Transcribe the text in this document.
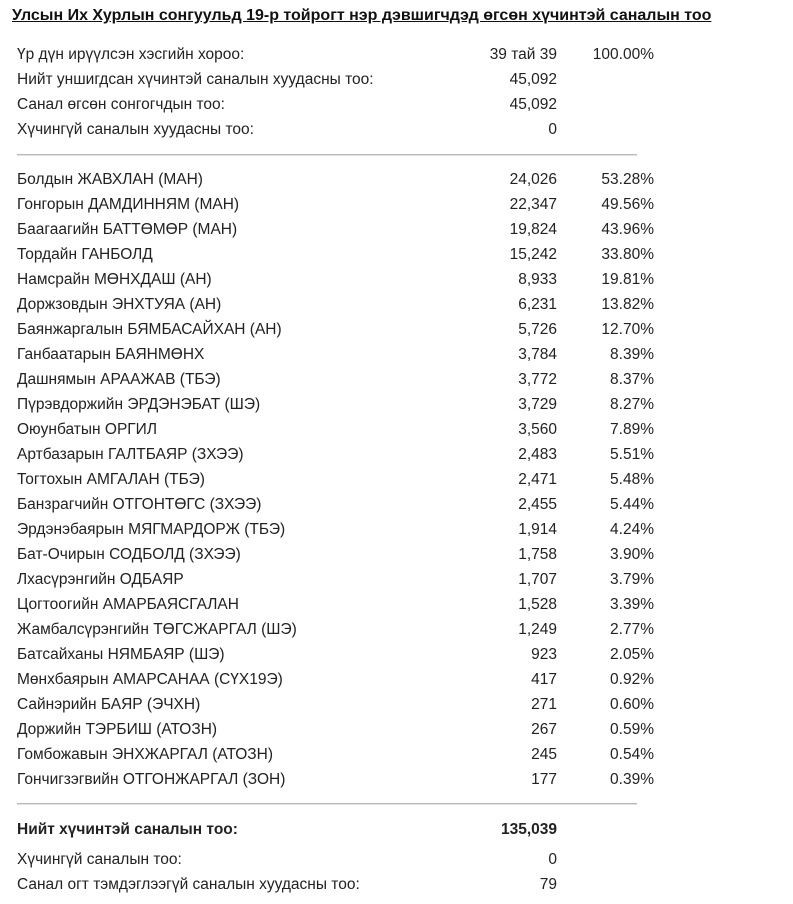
Улсын Их Хурлын сонгуульд 19-р тойрогт нэр дэвшигчдэд өгсөн хүчинтэй саналын тоо
Үр дүн ирүүлсэн хэсгийн хороо:	39 тай 39 100.00%
Нийт уншигдсан хүчинтэй саналын хуудасны тоо:	45,092
Санал өгсөн сонгогчдын тоо:	45,092
Хүчингүй саналын хуудасны тоо:	0
Болдын ЖАВХЛАН (МАН)	24,026	53.28%
Гонгорын ДАМДИННЯМ (МАН)	22,347	49.56%
Баагаагийн БАТТӨМӨР (МАН)	19,824	43.96%
Тордайн ГАНБОЛД	15,242	33.80%
Намсрайн МӨНХДАШ (АН)	8,933	19.81%
Доржзовдын ЭНХТУЯА (АН)	6,231	13.82%
Баянжаргалын БЯМБАСАЙХАН (АН)	5,726	12.70%
Ганбаатарын БАЯНМӨНХ	3,784	8.39%
Дашнямын АРААЖАВ (ТБЭ)	3,772	8.37%
Пүрэвдоржийн ЭРДЭНЭБАТ (ШЭ)	3,729	8.27%
Оюунбатын ОРГИЛ	3,560	7.89%
Артбазарын ГАЛТБАЯР (ЗХЭЭ)	2,483	5.51%
Тогтохын АМГАЛАН (ТБЭ)	2,471	5.48%
Банзрагчийн ОТГОНТӨГС (ЗХЭЭ)	2,455	5.44%
Эрдэнэбаярын МЯГМАРДОРЖ (ТБЭ)	1,914	4.24%
Бат-Очирын СОДБОЛД (ЗХЭЭ)	1,758	3.90%
Лхасүрэнгийн ОДБАЯР	1,707	3.79%
Цогтоогийн АМАРБАЯСГАЛАН	1,528	3.39%
Жамбалсүрэнгийн ТӨГСЖАРГАЛ (ШЭ)	1,249	2.77%
Батсайханы НЯМБАЯР (ШЭ)	923	2.05%
Мөнхбаярын АМАРСАНАА (СҮХ19Э)	417	0.92%
Сайнэрийн БАЯР (ЭЧХН)	271	0.60%
Доржийн ТЭРБИШ (АТОЗН)	267	0.59%
Гомбожавын ЭНХЖАРГАЛ (АТОЗН)	245	0.54%
Гончигзэгвийн ОТГОНЖАРГАЛ (ЗОН)	177	0.39%
Нийт хүчинтэй саналын тоо:	135,039
Хүчингүй саналын тоо:	0
Санал огт тэмдэглээгүй саналын хуудасны тоо:	79
